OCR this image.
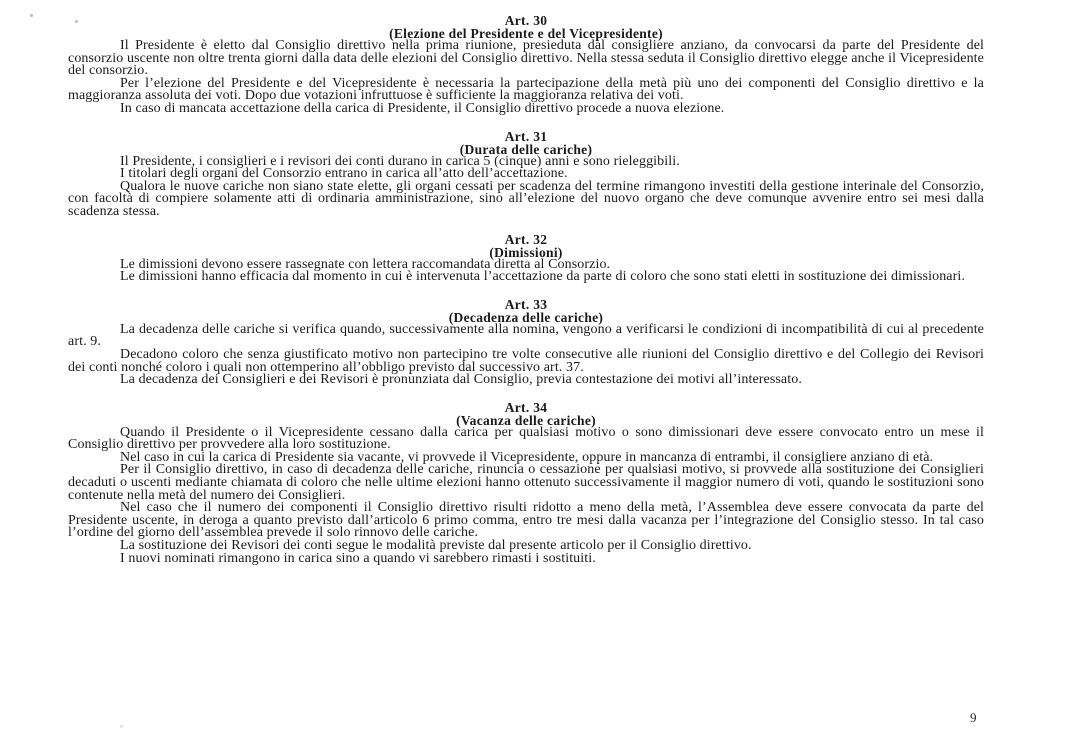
Art. 30

(Elezione del Presidente e del Vicepresidente)

Il Presidente è eletto dal Consiglio direttivo nella prima riunione, presieduta dal consigliere anziano, da convocarsi da parte del Presidente del consorzio uscente non oltre trenta giorni dalla data delle elezioni del Consiglio direttivo. Nella stessa seduta il Consiglio direttivo elegge anche il Vicepresidente del consorzio.

Per l’elezione del Presidente e del Vicepresidente è necessaria la partecipazione della metà più uno dei componenti del Consiglio direttivo e la maggioranza assoluta dei voti. Dopo due votazioni infruttuose è sufficiente la maggioranza relativa dei voti.

In caso di mancata accettazione della carica di Presidente, il Consiglio direttivo procede a nuova elezione.

Art. 31

(Durata delle cariche)

Il Presidente, i consiglieri e i revisori dei conti durano in carica 5 (cinque) anni e sono rieleggibili.

I titolari degli organi del Consorzio entrano in carica all’atto dell’accettazione.

Qualora le nuove cariche non siano state elette, gli organi cessati per scadenza del termine rimangono investiti della gestione interinale del Consorzio, con facoltà di compiere solamente atti di ordinaria amministrazione, sino all’elezione del nuovo organo che deve comunque avvenire entro sei mesi dalla scadenza stessa.

Art. 32

(Dimissioni)

Le dimissioni devono essere rassegnate con lettera raccomandata diretta al Consorzio.

Le dimissioni hanno efficacia dal momento in cui è intervenuta l’accettazione da parte di coloro che sono stati eletti in sostituzione dei dimissionari.

Art. 33

(Decadenza delle cariche)

La decadenza delle cariche si verifica quando, successivamente alla nomina, vengono a verificarsi le condizioni di incompatibilità di cui al precedente art. 9.

Decadono coloro che senza giustificato motivo non partecipino tre volte consecutive alle riunioni del Consiglio direttivo e del Collegio dei Revisori dei conti nonché coloro i quali non ottemperino all’obbligo previsto dal successivo art. 37.

La decadenza dei Consiglieri e dei Revisori è pronunziata dal Consiglio, previa contestazione dei motivi all’interessato.

Art. 34

(Vacanza delle cariche)

Quando il Presidente o il Vicepresidente cessano dalla carica per qualsiasi motivo o sono dimissionari deve essere convocato entro un mese il Consiglio direttivo per provvedere alla loro sostituzione.

Nel caso in cui la carica di Presidente sia vacante, vi provvede il Vicepresidente, oppure in mancanza di entrambi, il consigliere anziano di età.

Per il Consiglio direttivo, in caso di decadenza delle cariche, rinuncia o cessazione per qualsiasi motivo, si provvede alla sostituzione dei Consiglieri decaduti o uscenti mediante chiamata di coloro che nelle ultime elezioni hanno ottenuto successivamente il maggior numero di voti, quando le sostituzioni sono contenute nella metà del numero dei Consiglieri.

Nel caso che il numero dei componenti il Consiglio direttivo risulti ridotto a meno della metà, l’Assemblea deve essere convocata da parte del Presidente uscente, in deroga a quanto previsto dall’articolo 6 primo comma, entro tre mesi dalla vacanza per l’integrazione del Consiglio stesso. In tal caso l’ordine del giorno dell’assemblea prevede il solo rinnovo delle cariche.

La sostituzione dei Revisori dei conti segue le modalità previste dal presente articolo per il Consiglio direttivo.

I nuovi nominati rimangono in carica sino a quando vi sarebbero rimasti i sostituiti.

9
